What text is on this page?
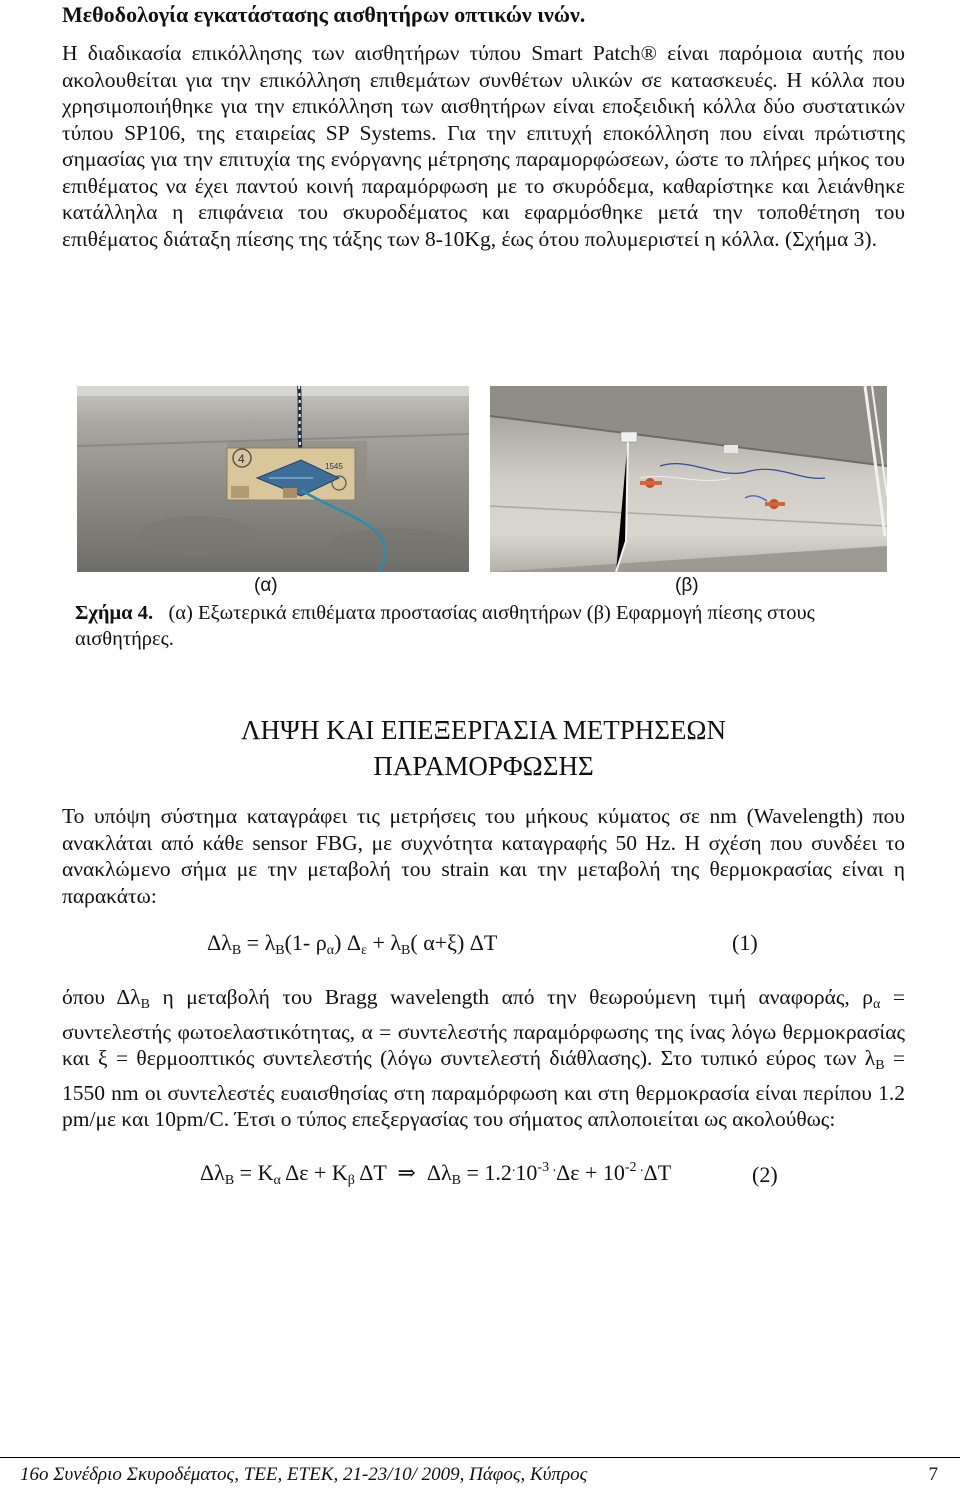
Μεθοδολογία εγκατάστασης αισθητήρων οπτικών ινών.

Η διαδικασία επικόλλησης των αισθητήρων τύπου Smart Patch® είναι παρόμοια αυτής που ακολουθείται για την επικόλληση επιθεμάτων συνθέτων υλικών σε κατασκευές. Η κόλλα που χρησιμοποιήθηκε για την επικόλληση των αισθητήρων είναι εποξειδική κόλλα δύο συστατικών τύπου SP106, της εταιρείας SP Systems. Για την επιτυχή εποκόλληση που είναι πρώτιστης σημασίας για την επιτυχία της ενόργανης μέτρησης παραμορφώσεων, ώστε το πλήρες μήκος του επιθέματος να έχει παντού κοινή παραμόρφωση με το σκυρόδεμα, καθαρίστηκε και λειάνθηκε κατάλληλα η επιφάνεια του σκυροδέματος και εφαρμόσθηκε μετά την τοποθέτηση του επιθέματος διάταξη πίεσης της τάξης των 8-10Kg, έως ότου πολυμεριστεί η κόλλα. (Σχήμα 3).

4
1545
(α)	(β)

Σχήμα 4. (α) Εξωτερικά επιθέματα προστασίας αισθητήρων (β) Εφαρμογή πίεσης στους αισθητήρες.

ΛΗΨΗ ΚΑΙ ΕΠΕΞΕΡΓΑΣΙΑ ΜΕΤΡΗΣΕΩΝ
ΠΑΡΑΜΟΡΦΩΣΗΣ

Το υπόψη σύστημα καταγράφει τις μετρήσεις του μήκους κύματος σε nm (Wavelength) που ανακλάται από κάθε sensor FBG, με συχνότητα καταγραφής 50 Hz. Η σχέση που συνδέει το ανακλώμενο σήμα με την μεταβολή του strain και την μεταβολή της θερμοκρασίας είναι η παρακάτω:

$\Delta\lambda_B = \lambda_B(1-$ $\rho_\alpha$) $\Delta_\varepsilon + \lambda_B$( α+ξ) ΔT	(1)

όπου $\Delta\lambda_B$ η μεταβολή του Bragg wavelength από την θεωρούμενη τιμή αναφοράς, $\rho_\alpha = \sigma\upsilon\nu\tau\varepsilon\lambda\varepsilon\sigma\tau ή\varsigma$ φωτοελαστικότητας, α = συντελεστής παραμόρφωσης της ίνας λόγω θερμοκρασίας και ξ = θερμοοπτικός συντελεστής (λόγω συντελεστή διάθλασης). Στο τυπικό εύρος των $\lambda_B = 1550$ nm οι συντελεστές ευαισθησίας στη παραμόρφωση και στη θερμοκρασία είναι περίπου 1.2 pm/με και 10pm/C. Έτσι ο τύπος επεξεργασίας του σήματος απλοποιείται ως ακολούθως:

$\Delta\lambda_B = K_\alpha$ $\Delta\varepsilon + K_\beta$ ΔT  ⇒  $\Delta\lambda_B = 1.2^.10^{-3 .}\Delta\varepsilon + 10^{-2 .}\Delta T$	(2)
16ο Συνέδριο Σκυροδέματος, ΤΕΕ, ΕΤΕΚ, 21-23/10/ 2009, Πάφος, Κύπρος	7
